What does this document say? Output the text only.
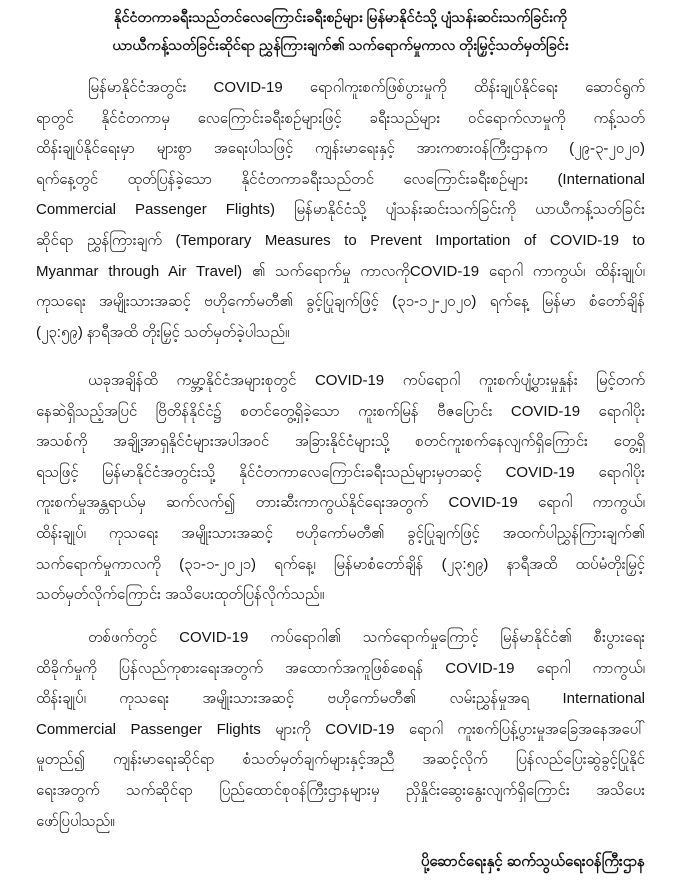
နိုင်ငံတကာခရီးသည်တင်လေကြောင်းခရီးစဉ်များ မြန်မာနိုင်ငံသို့ ပျံသန်းဆင်းသက်ခြင်းကို
ယာယီကန့်သတ်ခြင်းဆိုင်ရာ ညွှန်ကြားချက်၏ သက်ရောက်မှုကာလ တိုးမြှင့်သတ်မှတ်ခြင်း
မြန်မာနိုင်ငံအတွင်း COVID-19 ရောဂါကူးစက်ဖြစ်ပွားမှုကို ထိန်းချုပ်နိုင်ရေး ဆောင်ရွက်
ရာတွင် နိုင်ငံတကာမှ လေကြောင်းခရီးစဉ်များဖြင့် ခရီးသည်များ ဝင်ရောက်လာမှုကို ကန့်သတ်
ထိန်းချုပ်နိုင်ရေးမှာ များစွာ အရေးပါသဖြင့် ကျန်းမာရေးနှင့် အားကစားဝန်ကြီးဌာနက (၂၉-၃-၂၀၂၀)
ရက်နေ့တွင် ထုတ်ပြန်ခဲ့သော နိုင်ငံတကာခရီးသည်တင် လေကြောင်းခရီးစဉ်များ (International
Commercial Passenger Flights) မြန်မာနိုင်ငံသို့ ပျံသန်းဆင်းသက်ခြင်းကို ယာယီကန့်သတ်ခြင်း
ဆိုင်ရာ ညွှန်ကြားချက် (Temporary Measures to Prevent Importation of COVID-19 to
Myanmar through Air Travel) ၏ သက်ရောက်မှု ကာလကိုCOVID-19 ရောဂါ ကာကွယ်၊ ထိန်းချုပ်၊
ကုသရေး အမျိုးသားအဆင့် ဗဟိုကော်မတီ၏ ခွင့်ပြုချက်ဖြင့် (၃၁-၁၂-၂၀၂၀) ရက်နေ့ မြန်မာ စံတော်ချိန်
(၂၃:၅၉) နာရီအထိ တိုးမြှင့် သတ်မှတ်ခဲ့ပါသည်။
ယခုအချိန်ထိ ကမ္ဘာ့နိုင်ငံအများစုတွင် COVID-19 ကပ်ရောဂါ ကူးစက်ပျံ့ပွားမှုနှုန်း မြင့်တက်
နေဆဲရှိသည့်အပြင် ဗြိတိန်နိုင်ငံ၌ စတင်တွေ့ရှိခဲ့သော ကူးစက်မြန် ဗီဇပြောင်း COVID-19 ရောဂါပိုး
အသစ်ကို အချို့အာရှနိုင်ငံများအပါအဝင် အခြားနိုင်ငံများသို့ စတင်ကူးစက်နေလျက်ရှိကြောင်း တွေ့ရှိ
ရသဖြင့် မြန်မာနိုင်ငံအတွင်းသို့ နိုင်ငံတကာလေကြောင်းခရီးသည်များမှတဆင့် COVID-19 ရောဂါပိုး
ကူးစက်မှုအန္တရာယ်မှ ဆက်လက်၍ တားဆီးကာကွယ်နိုင်ရေးအတွက် COVID-19 ရောဂါ ကာကွယ်၊
ထိန်းချုပ်၊ ကုသရေး အမျိုးသားအဆင့် ဗဟိုကော်မတီ၏ ခွင့်ပြုချက်ဖြင့် အထက်ပါညွှန်ကြားချက်၏
သက်ရောက်မှုကာလကို (၃၁-၁-၂၀၂၁) ရက်နေ့၊ မြန်မာစံတော်ချိန် (၂၃:၅၉) နာရီအထိ ထပ်မံတိုးမြှင့်
သတ်မှတ်လိုက်ကြောင်း အသိပေးထုတ်ပြန်လိုက်သည်။
တစ်ဖက်တွင် COVID-19 ကပ်ရောဂါ၏ သက်ရောက်မှုကြောင့် မြန်မာနိုင်ငံ၏ စီးပွားရေး
ထိခိုက်မှုကို ပြန်လည်ကုစားရေးအတွက် အထောက်အကူဖြစ်စေရန် COVID-19 ရောဂါ ကာကွယ်၊
ထိန်းချုပ်၊ ကုသရေး အမျိုးသားအဆင့် ဗဟိုကော်မတီ၏ လမ်းညွှန်မှုအရ International
Commercial Passenger Flights များကို COVID-19 ရောဂါ ကူးစက်ပြန့်ပွားမှုအခြေအနေအပေါ်
မူတည်၍ ကျန်းမာရေးဆိုင်ရာ စံသတ်မှတ်ချက်များနှင့်အညီ အဆင့်လိုက် ပြန်လည်ပြေးဆွဲခွင့်ပြုနိုင်
ရေးအတွက် သက်ဆိုင်ရာ ပြည်ထောင်စုဝန်ကြီးဌာနများမှ ညှိနှိုင်းဆွေးနွေးလျက်ရှိကြောင်း အသိပေး
ဖော်ပြပါသည်။
ပို့ဆောင်ရေးနှင့် ဆက်သွယ်ရေးဝန်ကြီးဌာန
